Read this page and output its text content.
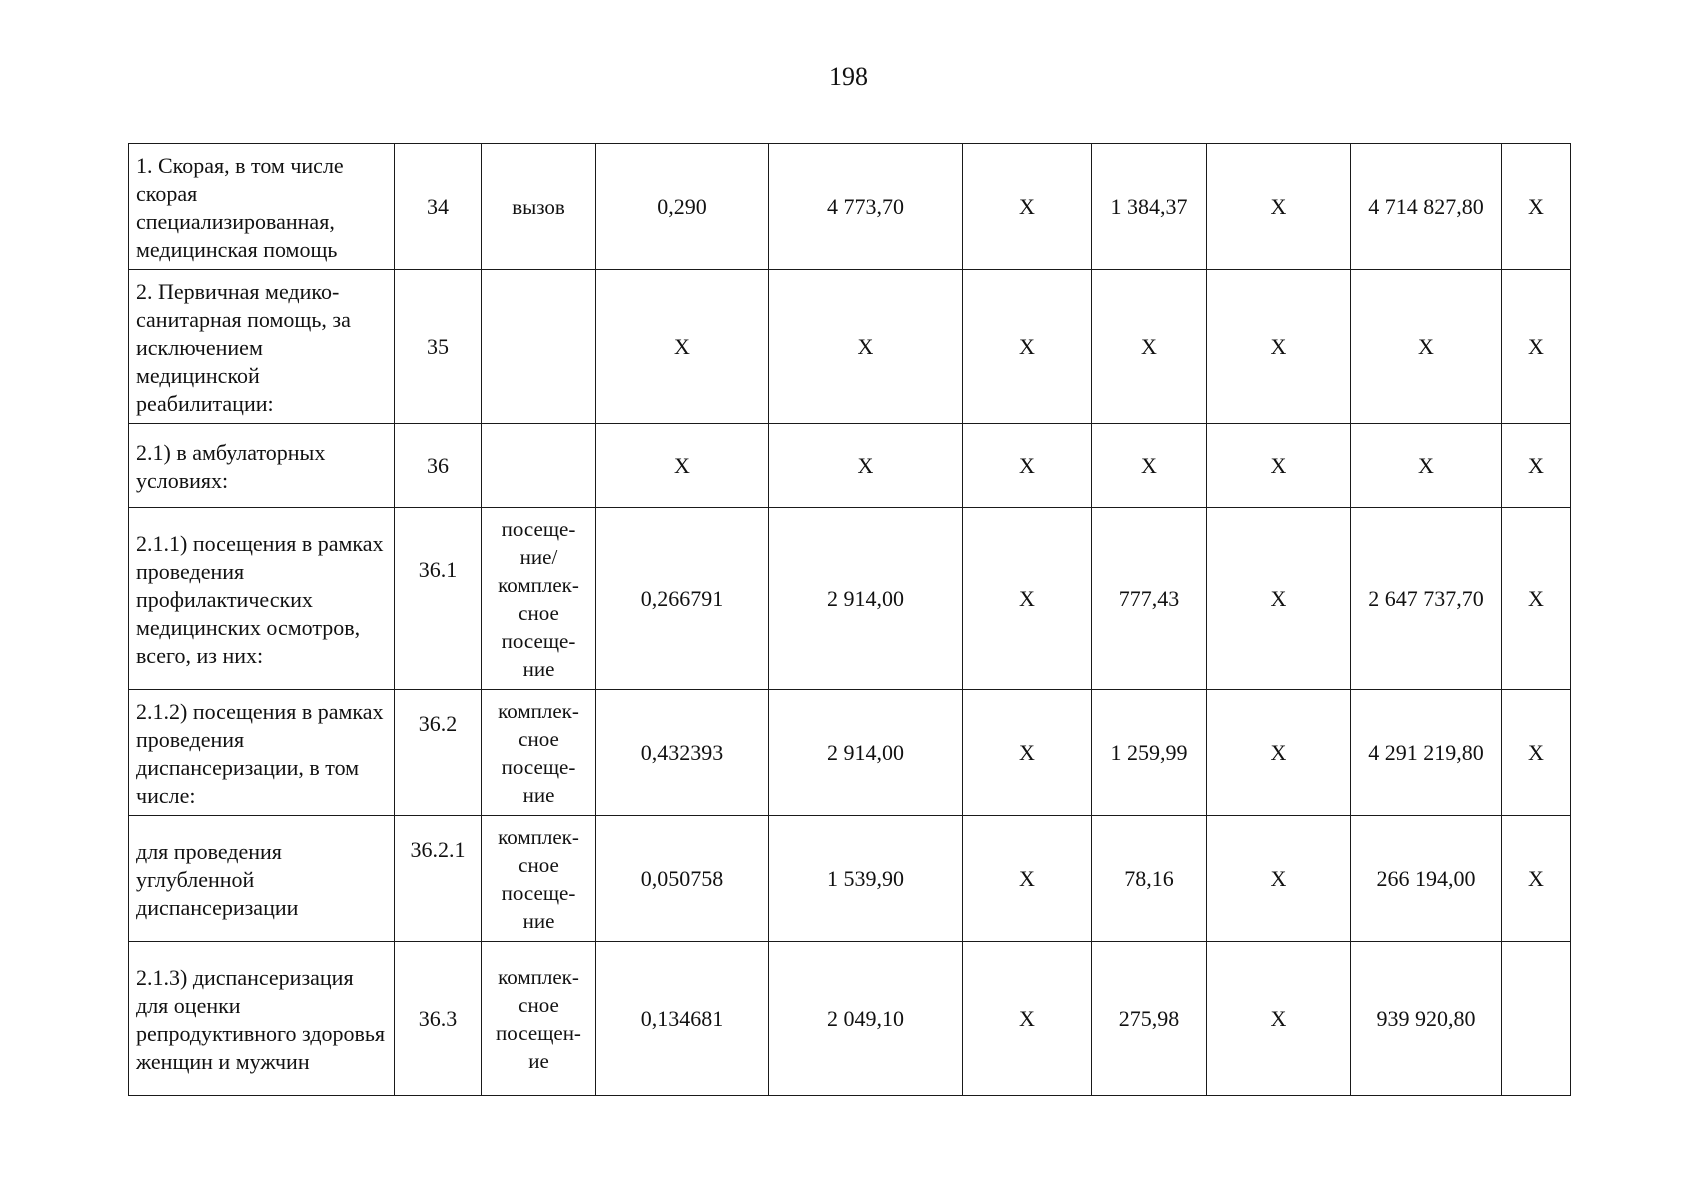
198
1. Скорая, в том числе скорая специализированная, медицинская помощь	34	вызов	0,290	4 773,70	X	1 384,37	X	4 714 827,80	X
2. Первичная медико-санитарная помощь, за исключением медицинской реабилитации:	35		X	X	X	X	X	X	X
2.1) в амбулаторных условиях:	36		X	X	X	X	X	X	X
2.1.1) посещения в рамках проведения профилактических медицинских осмотров, всего, из них:	36.1	посеще-ние/ комплек-сное посеще-ние	0,266791	2 914,00	X	777,43	X	2 647 737,70	X
2.1.2) посещения в рамках проведения диспансеризации, в том числе:	36.2	комплек-сное посеще-ние	0,432393	2 914,00	X	1 259,99	X	4 291 219,80	X
для проведения углубленной диспансеризации	36.2.1	комплек-сное посеще-ние	0,050758	1 539,90	X	78,16	X	266 194,00	X
2.1.3) диспансеризация для оценки репродуктивного здоровья женщин и мужчин	36.3	комплек-сное посещен-ие	0,134681	2 049,10	X	275,98	X	939 920,80	
